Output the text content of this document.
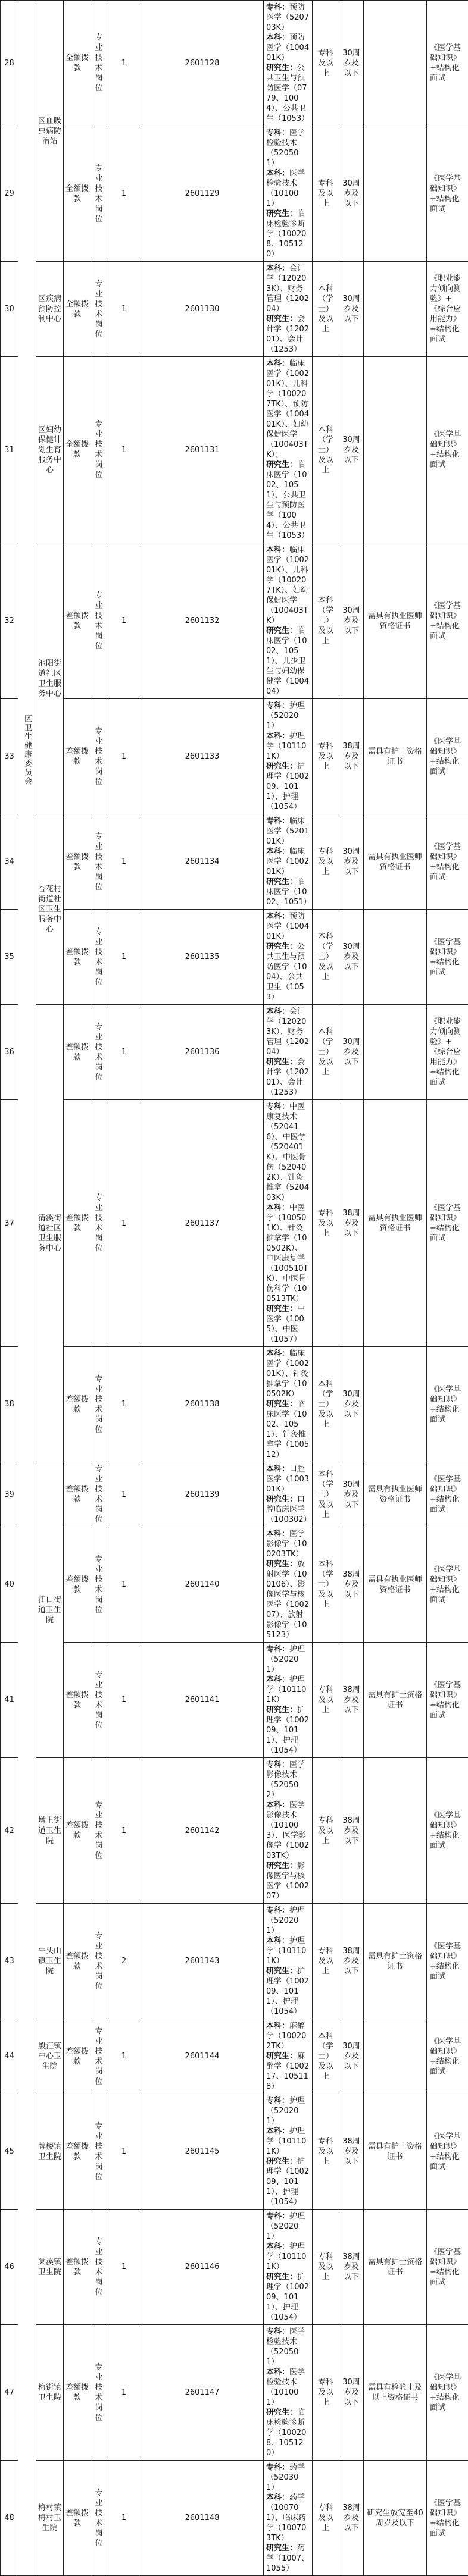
28	区卫生健康委员会	区血吸虫病防治站	全额拨款	专业技术岗位	1	2601128	专科：预防医学（520703K）
本科：预防医学（100401K）
研究生：公共卫生与预防医学（0779、1004）、公共卫生（1053）	专科及以上	30周岁及以下		《医学基础知识》+结构化面试	
29			全额拨款	专业技术岗位	1	2601129	专科：医学检验技术（520501）
本科：医学检验技术（101001）
研究生：临床检验诊断学（100208、105120）	专科及以上	30周岁及以下		《医学基础知识》+结构化面试	
30		区疾病预防控制中心	全额拨款	专业技术岗位	1	2601130	本科：会计学（120203K）、财务管理（120204）
研究生：会计学（120201）、会计（1253）	本科（学士）及以上	30周岁及以下		《职业能力倾向测验》+《综合应用能力》+结构化面试	
31		区妇幼保健计划生育服务中心	全额拨款	专业技术岗位	1	2601131	本科：临床医学（100201K）、儿科学（100207TK）、预防医学（100401K）、妇幼保健医学（100403TK）；
研究生：临床医学（1002、1051）、公共卫生与预防医学（1004）、公共卫生（1053）	本科（学士）及以上	30周岁及以下		《医学基础知识》+结构化面试	
32		池阳街道社区卫生服务中心	差额拨款	专业技术岗位	1	2601132	本科：临床医学（100201K）、儿科学（100207TK）、妇幼保健医学（100403TK）
研究生：临床医学（1002、1051）、儿少卫生与妇幼保健学（100404）	本科（学士）及以上	30周岁及以下	需具有执业医师资格证书	《医学基础知识》+结构化面试	
33			差额拨款	专业技术岗位	1	2601133	专科：护理（520201）
本科：护理学（101101K）
研究生：护理学（100209、1011）、护理（1054）	专科及以上	38周岁及以下	需具有护士资格证书	《医学基础知识》+结构化面试	
34		杏花村街道社区卫生服务中心	差额拨款	专业技术岗位	1	2601134	专科：临床医学（520101K）
本科：临床医学（100201K）
研究生：临床医学（1002、1051）	专科及以上	30周岁及以下	需具有执业医师资格证书	《医学基础知识》+结构化面试	
35			差额拨款	专业技术岗位	1	2601135	本科：预防医学（100401K）
研究生：公共卫生与预防医学（1004）、公共卫生（1053）	本科（学士）及以上	30周岁及以下		《医学基础知识》+结构化面试	
36		清溪街道社区卫生服务中心	差额拨款	专业技术岗位	1	2601136	本科：会计学（120203K）、财务管理（120204）
研究生：会计学（120201）、会计（1253）	本科（学士）及以上	30周岁及以下		《职业能力倾向测验》+《综合应用能力》+结构化面试	
37			差额拨款	专业技术岗位	1	2601137	专科：中医康复技术（520416）、中医学（520401K）、中医骨伤（520402K）、针灸推拿（520403K）
本科：中医学（100501K）、针灸推拿学（100502K）、中医康复学（100510TK）、中医骨伤科学（100513TK）
研究生：中医学（1005）、中医（1057）	专科及以上	38周岁及以下	需具有执业医师资格证书	《医学基础知识》+结构化面试	
38			差额拨款	专业技术岗位	1	2601138	本科：临床医学（100201K）、针灸推拿学（100502K）
研究生：临床医学（1002、1051）、针灸推拿学（100512）	本科（学士）及以上	30周岁及以下		《医学基础知识》+结构化面试	
39		江口街道卫生院	差额拨款	专业技术岗位	1	2601139	本科：口腔医学（100301K）
研究生：口腔临床医学（100302）	本科（学士）及以上	30周岁及以下	需具有执业医师资格证书	《医学基础知识》+结构化面试	
40			差额拨款	专业技术岗位	1	2601140	本科：医学影像学（100203TK）
研究生：放射医学（100106）、影像医学与核医学（100207）、放射影像学（105123）	本科（学士）及以上	38周岁及以下	需具有执业医师资格证书	《医学基础知识》+结构化面试	
41			差额拨款	专业技术岗位	1	2601141	专科：护理（520201）
本科：护理学（101101K）
研究生：护理学（100209、1011）、护理（1054）	专科及以上	38周岁及以下	需具有护士资格证书	《医学基础知识》+结构化面试	
42		墩上街道卫生院	差额拨款	专业技术岗位	1	2601142	专科：医学影像技术（520502）
本科：医学影像技术（101003）、医学影像学（100203TK）
研究生：影像医学与核医学（100207）	专科及以上	38周岁及以下		《医学基础知识》+结构化面试	
43		牛头山镇卫生院	差额拨款	专业技术岗位	2	2601143	专科：护理（520201）
本科：护理学（101101K）
研究生：护理学（100209、1011）、护理（1054）	专科及以上	38周岁及以下	需具有护士资格证书	《医学基础知识》+结构化面试	
44		殷汇镇中心卫生院	差额拨款	专业技术岗位	1	2601144	本科：麻醉学（100202TK）
研究生：麻醉学（100217、105118）	本科（学士）及以上	30周岁及以下		《医学基础知识》+结构化面试	
45		牌楼镇卫生院	差额拨款	专业技术岗位	1	2601145	专科：护理（520201）
本科：护理学（101101K）
研究生：护理学（100209、1011）、护理（1054）	专科及以上	38周岁及以下	需具有护士资格证书	《医学基础知识》+结构化面试	
46		棠溪镇卫生院	差额拨款	专业技术岗位	1	2601146	专科：护理（520201）
本科：护理学（101101K）
研究生：护理学（100209、1011）、护理（1054）	专科及以上	38周岁及以下	需具有护士资格证书	《医学基础知识》+结构化面试	
47		梅街镇卫生院	差额拨款	专业技术岗位	1	2601147	专科：医学检验技术（520501）
本科：医学检验技术（101001）
研究生：临床检验诊断学（100208、105120）	专科及以上	30周岁及以下	需具有检验士及以上资格证书	《医学基础知识》+结构化面试	
48		梅村镇梅村卫生院	差额拨款	专业技术岗位	1	2601148	专科：药学（520301）
本科：药学（100701）、临床药学（100703TK）
研究生：药学（1007、1055）	专科及以上	38周岁及以下	研究生放宽至40周岁及以下	《医学基础知识》+结构化面试	
